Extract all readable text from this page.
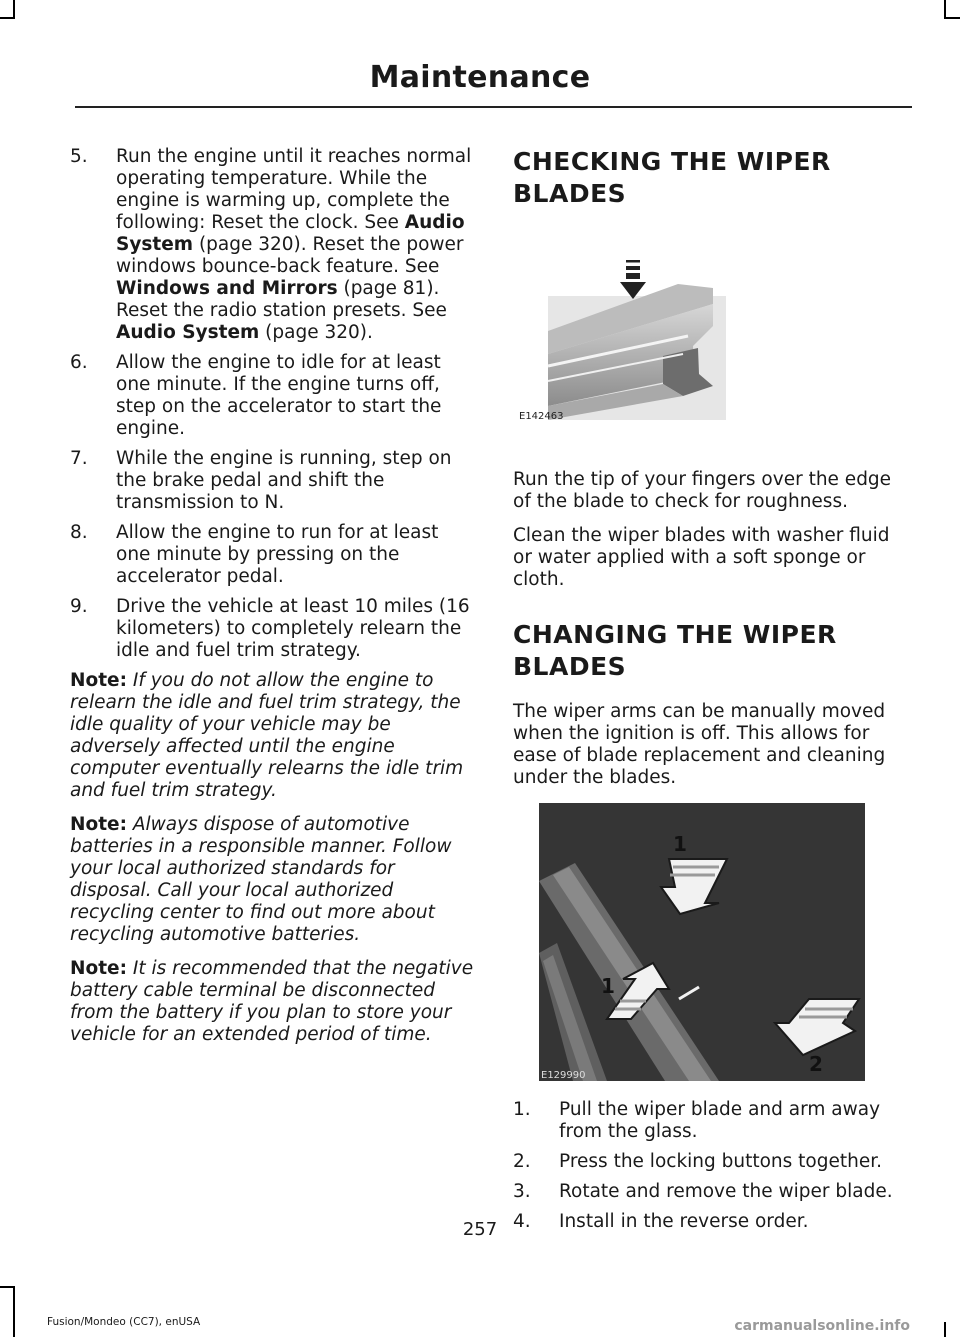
Maintenance
5.	Run the engine until it reaches normal operating temperature. While the engine is warming up, complete the following: Reset the clock. See Audio System (page 320). Reset the power windows bounce-back feature. See Windows and Mirrors (page 81). Reset the radio station presets. See Audio System (page 320).
6.	Allow the engine to idle for at least one minute. If the engine turns off, step on the accelerator to start the engine.
7.	While the engine is running, step on the brake pedal and shift the transmission to N.
8.	Allow the engine to run for at least one minute by pressing on the accelerator pedal.
9.	Drive the vehicle at least 10 miles (16 kilometers) to completely relearn the idle and fuel trim strategy.

Note: If you do not allow the engine to relearn the idle and fuel trim strategy, the idle quality of your vehicle may be adversely affected until the engine computer eventually relearns the idle trim and fuel trim strategy.

Note: Always dispose of automotive batteries in a responsible manner. Follow your local authorized standards for disposal. Call your local authorized recycling center to find out more about recycling automotive batteries.

Note: It is recommended that the negative battery cable terminal be disconnected from the battery if you plan to store your vehicle for an extended period of time.

CHECKING THE WIPER
BLADES
E142463

Run the tip of your fingers over the edge of the blade to check for roughness.

Clean the wiper blades with washer fluid or water applied with a soft sponge or cloth.

CHANGING THE WIPER
BLADES

The wiper arms can be manually moved when the ignition is off. This allows for ease of blade replacement and cleaning under the blades.

1
1
2
E129990
1.	Pull the wiper blade and arm away from the glass.
2.	Press the locking buttons together.
3.	Rotate and remove the wiper blade.
4.	Install in the reverse order.
257
Fusion/Mondeo (CC7), enUSA	carmanualsonline.info
